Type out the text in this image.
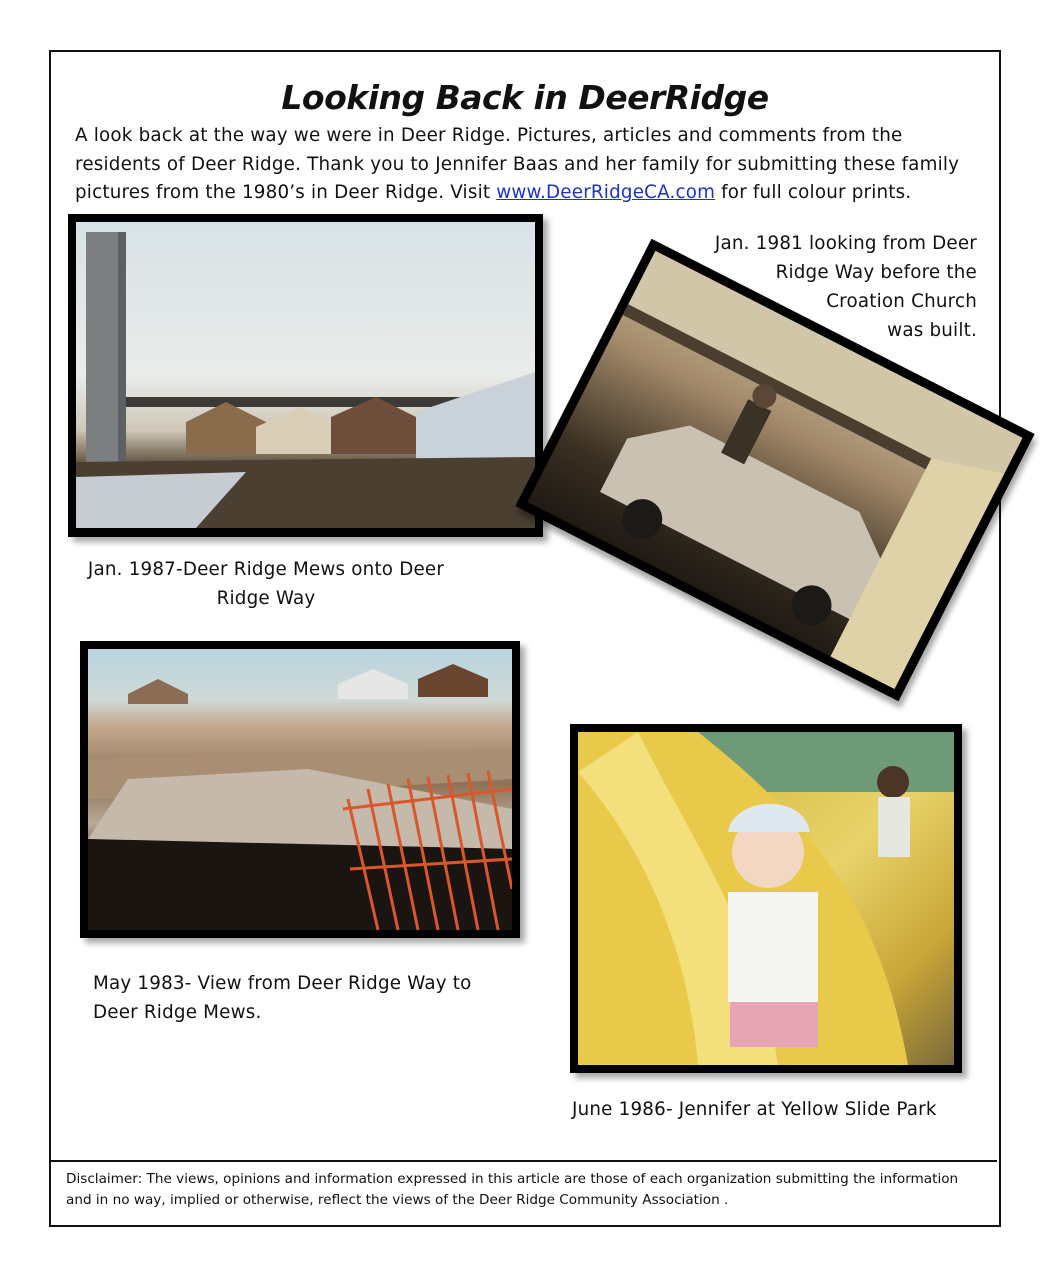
Looking Back in DeerRidge
A look back at the way we were in Deer Ridge. Pictures, articles and comments from the residents of Deer Ridge. Thank you to Jennifer Baas and her family for submitting these family pictures from the 1980’s in Deer Ridge. Visit www.DeerRidgeCA.com for full colour prints.
Jan. 1987-Deer Ridge Mews onto Deer
Ridge Way
Jan. 1981 looking from Deer
Ridge Way before the
Croation Church
was built.
May 1983- View from Deer Ridge Way to
Deer Ridge Mews.
June 1986- Jennifer at Yellow Slide Park
Disclaimer: The views, opinions and information expressed in this article are those of each organization submitting the information and in no way, implied or otherwise, reflect the views of the Deer Ridge Community Association .
